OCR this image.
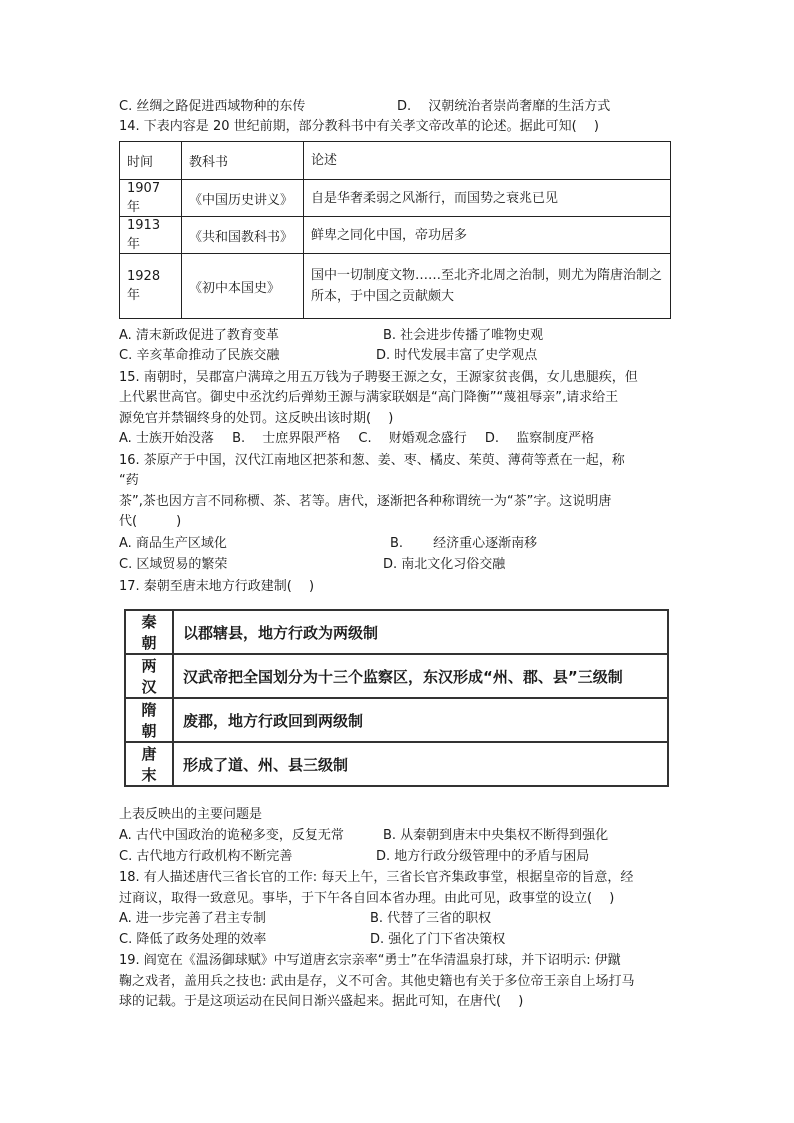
C. 丝绸之路促进西域物种的东传	D.　 汉朝统治者崇尚奢靡的生活方式
14. 下表内容是 20 世纪前期，部分教科书中有关孝文帝改革的论述。据此可知(　 )
时间	教科书	论述
1907 年	《中国历史讲义》	自是华奢柔弱之风渐行，而国势之衰兆已见
1913 年	《共和国教科书》	鲜卑之同化中国，帝功居多
1928 年	《初中本国史》	国中一切制度文物……至北齐北周之治制，则尤为隋唐治制之
所本，于中国之贡献颇大
A. 清末新政促进了教育变革	B. 社会进步传播了唯物史观
C. 辛亥革命推动了民族交融	D. 时代发展丰富了史学观点
15. 南朝时，吴郡富户满璋之用五万钱为子聘娶王源之女，王源家贫丧偶，女儿患腿疾，但
上代累世高官。御史中丞沈约后弹劾王源与满家联姻是“高门降衡”“蔑祖辱亲”,请求给王
源免官并禁锢终身的处罚。这反映出该时期(　 )
A. 士族开始没落 B.　 士庶界限严格 C.　 财婚观念盛行 D.　 监察制度严格
16. 茶原产于中国，汉代江南地区把茶和葱、姜、枣、橘皮、茱萸、薄荷等煮在一起，称
“药
茶”,茶也因方言不同称槚、茶、茗等。唐代，逐渐把各种称谓统一为“茶”字。这说明唐
代(　　　)
A. 商品生产区域化	B.　　 经济重心逐渐南移
C. 区域贸易的繁荣	D. 南北文化习俗交融
17. 秦朝至唐末地方行政建制(　 )
秦朝	以郡辖县，地方行政为两级制
两汉	汉武帝把全国划分为十三个监察区，东汉形成“州、郡、县”三级制
隋朝	废郡，地方行政回到两级制
唐末	形成了道、州、县三级制
上表反映出的主要问题是
A. 古代中国政治的诡秘多变，反复无常	B. 从秦朝到唐末中央集权不断得到强化
C. 古代地方行政机构不断完善	D. 地方行政分级管理中的矛盾与困局
18. 有人描述唐代三省长官的工作: 每天上午，三省长官齐集政事堂，根据皇帝的旨意，经
过商议，取得一致意见。事毕，于下午各自回本省办理。由此可见，政事堂的设立(　 )
A. 进一步完善了君主专制	B. 代替了三省的职权
C. 降低了政务处理的效率	D. 强化了门下省决策权
19. 阎宽在《温汤御球赋》中写道唐玄宗亲率“勇士”在华清温泉打球，并下诏明示: 伊蹴
鞠之戏者，盖用兵之技也: 武由是存，义不可舍。其他史籍也有关于多位帝王亲自上场打马
球的记载。于是这项运动在民间日渐兴盛起来。据此可知，在唐代(　 )
